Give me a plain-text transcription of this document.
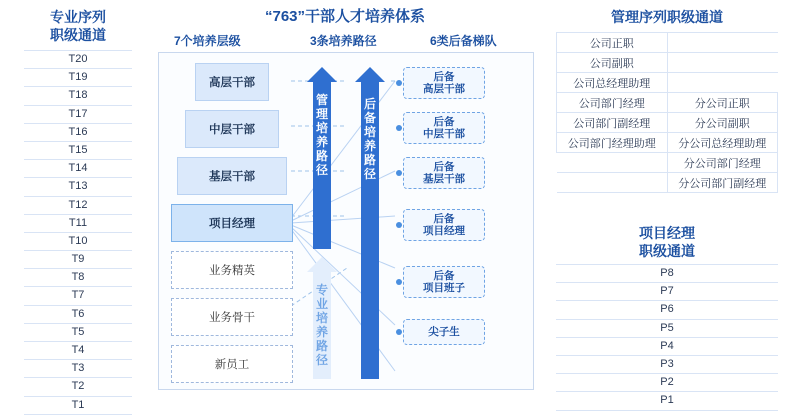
专业序列
职级通道
T20
T19
T18
T17
T16
T15
T14
T13
T12
T11
T10
T9
T8
T7
T6
T5
T4
T3
T2
T1
“763”干部人才培养体系
7个培养层级	3条培养路径	6类后备梯队
高层干部
中层干部
基层干部
项目经理
业务精英
业务骨干
新员工
管理培养路径
专业培养路径
后备培养路径
后备
高层干部
后备
中层干部
后备
基层干部
后备
项目经理
后备
项目班子
尖子生
管理序列职级通道
公司正职	
公司副职	
公司总经理助理	
公司部门经理	分公司正职
公司部门副经理	分公司副职
公司部门经理助理	分公司总经理助理
	分公司部门经理
	分公司部门副经理
项目经理
职级通道
P8
P7
P6
P5
P4
P3
P2
P1
